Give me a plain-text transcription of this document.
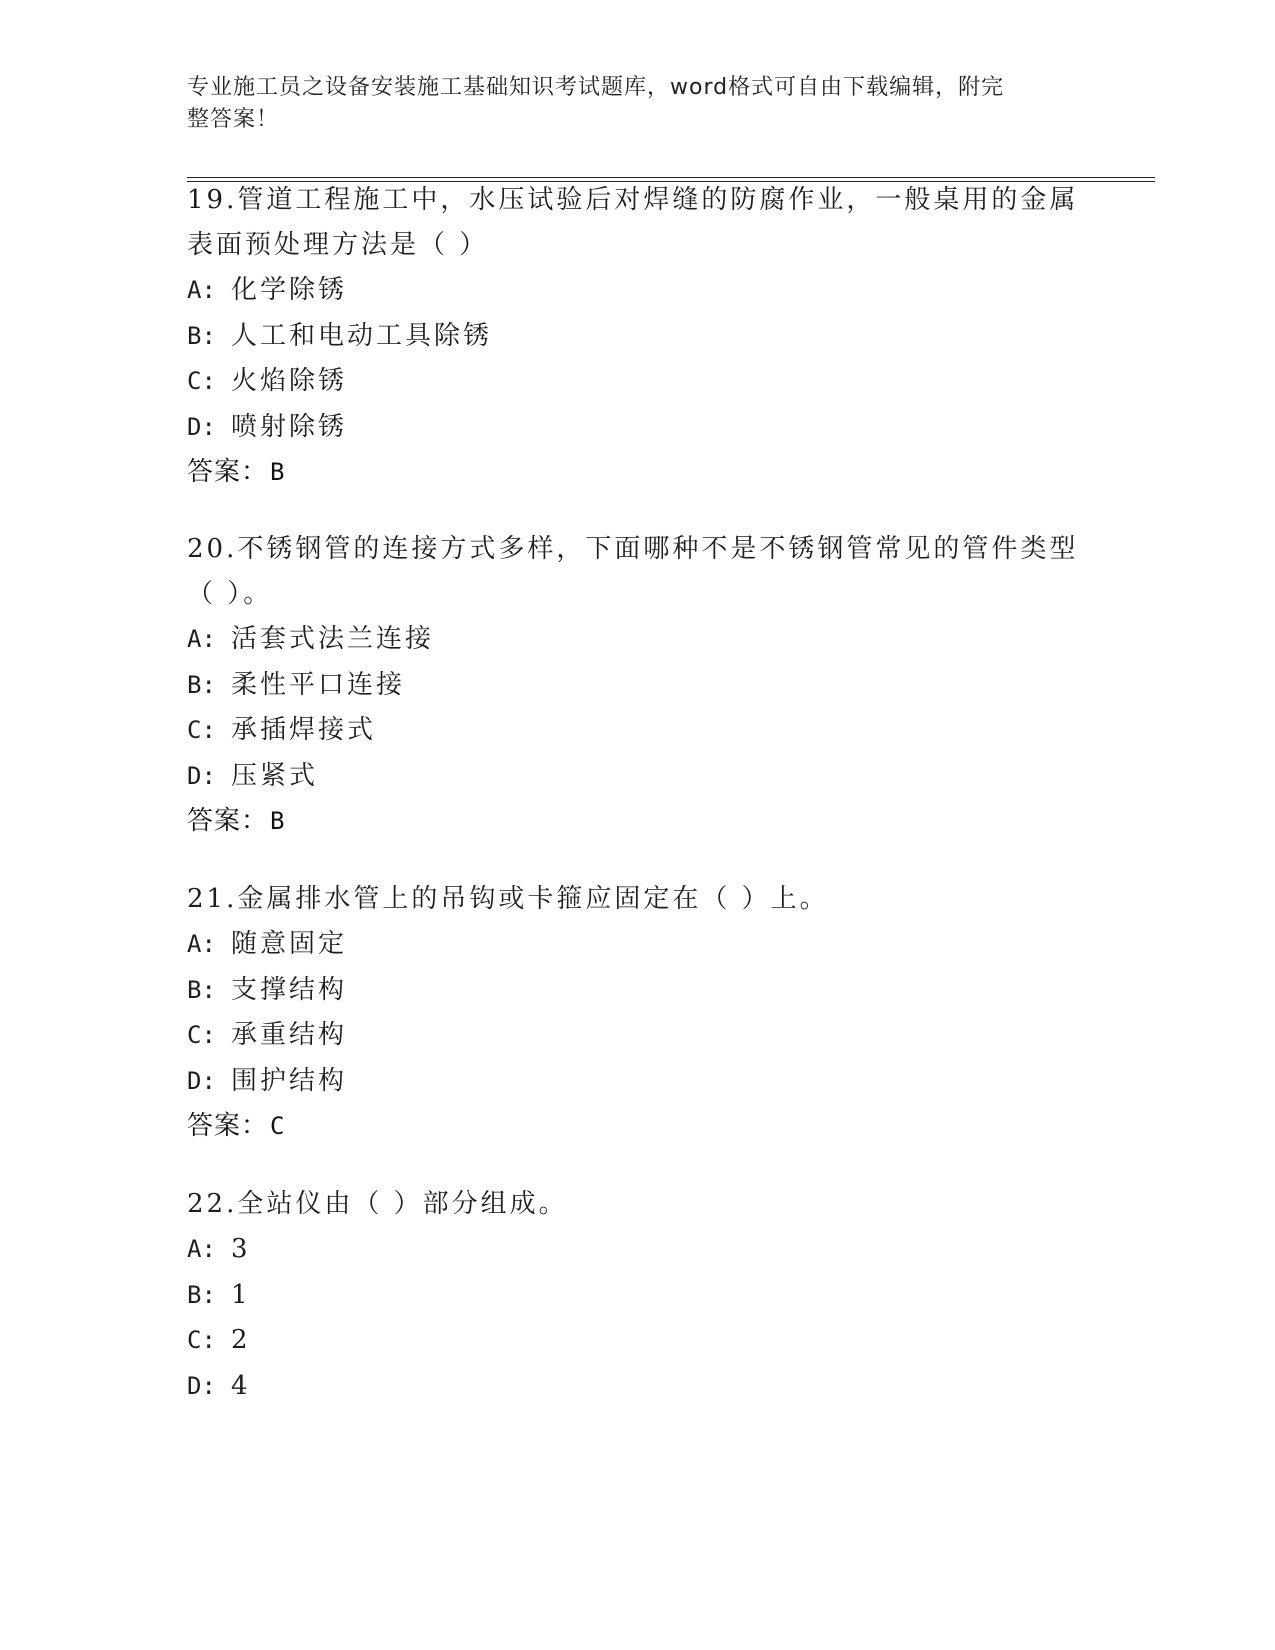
专业施工员之设备安装施工基础知识考试题库，word格式可自由下载编辑，附完
整答案！
19.管道工程施工中，水压试验后对焊缝的防腐作业，一般桌用的金属
表面预处理方法是（ ）
A: 化学除锈
B: 人工和电动工具除锈
C: 火焰除锈
D: 喷射除锈
答案：B
20.不锈钢管的连接方式多样，下面哪种不是不锈钢管常见的管件类型
（ ）。
A: 活套式法兰连接
B: 柔性平口连接
C: 承插焊接式
D: 压紧式
答案：B
21.金属排水管上的吊钩或卡箍应固定在（ ）上。
A: 随意固定
B: 支撑结构
C: 承重结构
D: 围护结构
答案：C
22.全站仪由（ ）部分组成。
A: 3
B: 1
C: 2
D: 4
